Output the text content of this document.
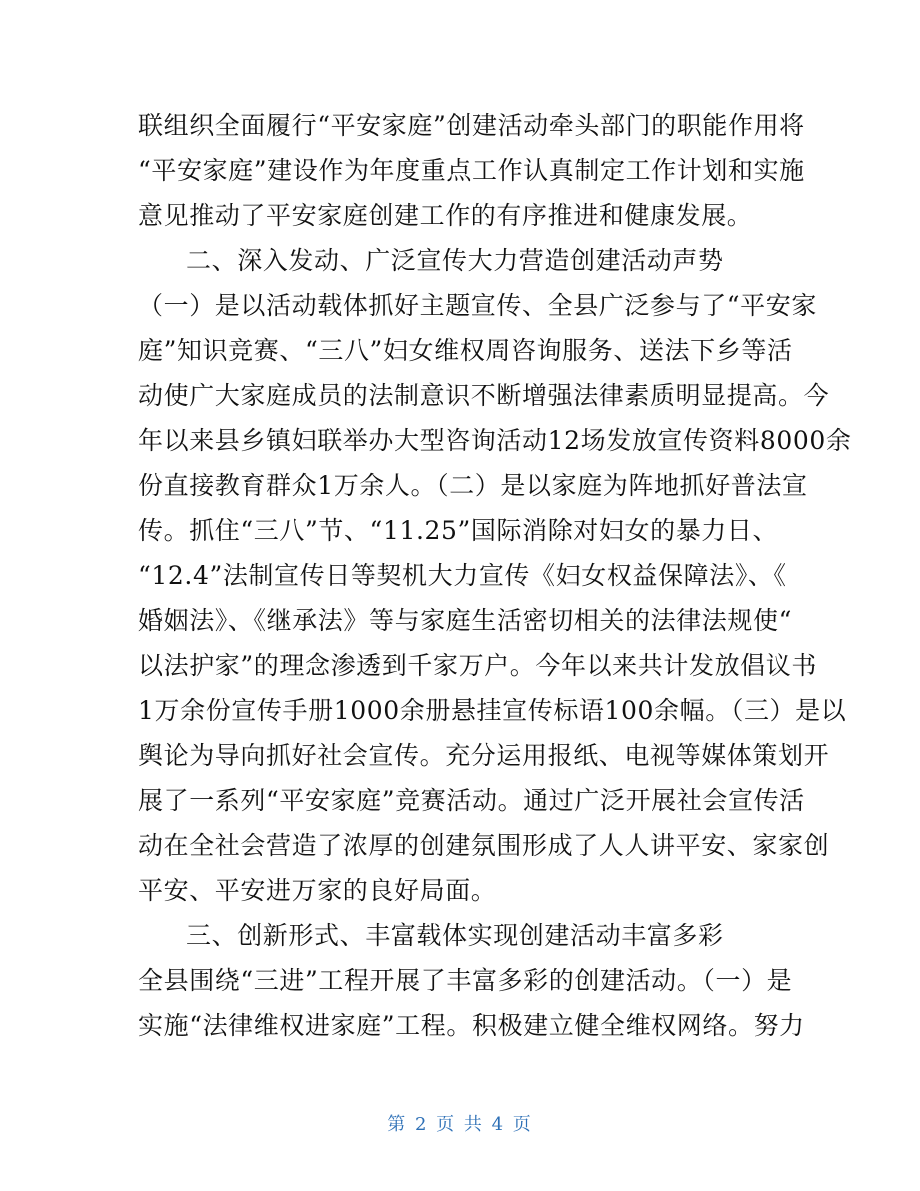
联组织全面履行“平安家庭”创建活动牵头部门的职能作用将
“平安家庭”建设作为年度重点工作认真制定工作计划和实施
意见推动了平安家庭创建工作的有序推进和健康发展。
二、深入发动、广泛宣传大力营造创建活动声势
（一）是以活动载体抓好主题宣传、全县广泛参与了“平安家
庭”知识竞赛、“三八”妇女维权周咨询服务、送法下乡等活
动使广大家庭成员的法制意识不断增强法律素质明显提高。今
年以来县乡镇妇联举办大型咨询活动12场发放宣传资料8000余
份直接教育群众1万余人。（二）是以家庭为阵地抓好普法宣
传。抓住“三八”节、“11.25”国际消除对妇女的暴力日、
“12.4”法制宣传日等契机大力宣传《妇女权益保障法》、《
婚姻法》、《继承法》等与家庭生活密切相关的法律法规使“
以法护家”的理念渗透到千家万户。今年以来共计发放倡议书
1万余份宣传手册1000余册悬挂宣传标语100余幅。（三）是以
舆论为导向抓好社会宣传。充分运用报纸、电视等媒体策划开
展了一系列“平安家庭”竞赛活动。通过广泛开展社会宣传活
动在全社会营造了浓厚的创建氛围形成了人人讲平安、家家创
平安、平安进万家的良好局面。
三、创新形式、丰富载体实现创建活动丰富多彩
全县围绕“三进”工程开展了丰富多彩的创建活动。（一）是
实施“法律维权进家庭”工程。积极建立健全维权网络。努力
第 2 页 共 4 页
